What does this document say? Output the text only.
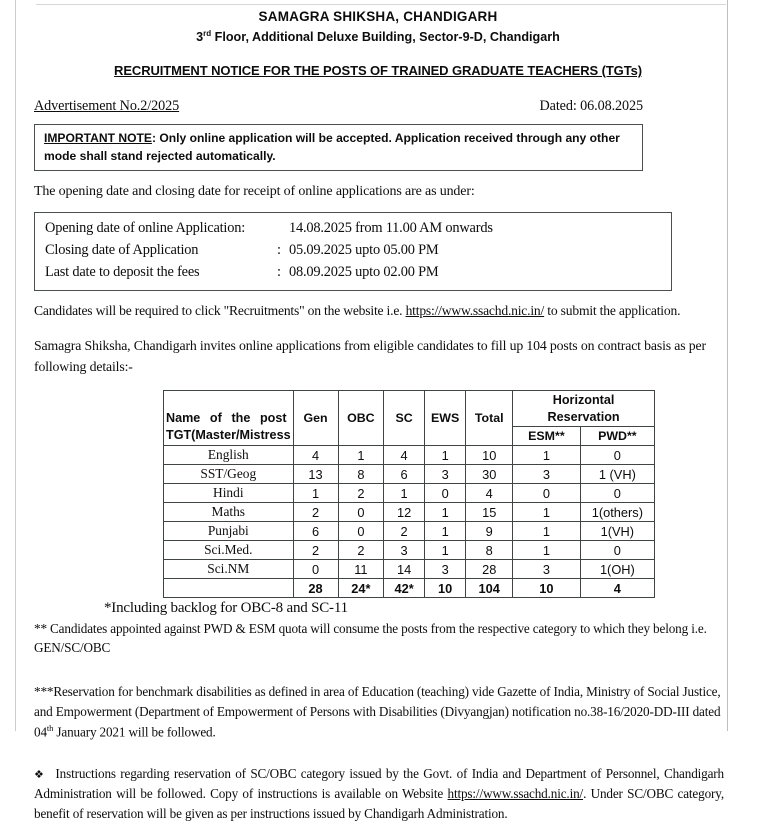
SAMAGRA SHIKSHA, CHANDIGARH
3rd Floor, Additional Deluxe Building, Sector-9-D, Chandigarh
RECRUITMENT NOTICE FOR THE POSTS OF TRAINED GRADUATE TEACHERS (TGTs)
Advertisement No.2/2025	Dated: 06.08.2025
IMPORTANT NOTE: Only online application will be accepted. Application received through any other mode shall stand rejected automatically.
The opening date and closing date for receipt of online applications are as under:
Opening date of online Application:	14.08.2025 from 11.00 AM onwards
Closing date of Application	: 05.09.2025 upto 05.00 PM
Last date to deposit the fees	: 08.09.2025 upto 02.00 PM
Candidates will be required to click "Recruitments" on the website i.e. https://www.ssachd.nic.in/ to submit the application.
Samagra Shiksha, Chandigarh invites online applications from eligible candidates to fill up 104 posts on contract basis as per following details:-
Name of the post
TGT(Master/Mistress	Gen	OBC	SC	EWS	Total	Horizontal Reservation	
						ESM**	PWD**
English	4	1	4	1	10	1	0
SST/Geog	13	8	6	3	30	3	1 (VH)
Hindi	1	2	1	0	4	0	0
Maths	2	0	12	1	15	1	1(others)
Punjabi	6	0	2	1	9	1	1(VH)
Sci.Med.	2	2	3	1	8	1	0
Sci.NM	0	11	14	3	28	3	1(OH)
	28	24*	42*	10	104	10	4
*Including backlog for OBC-8 and SC-11
** Candidates appointed against PWD & ESM quota will consume the posts from the respective category to which they belong i.e. GEN/SC/OBC
***Reservation for benchmark disabilities as defined in area of Education (teaching) vide Gazette of India, Ministry of Social Justice, and Empowerment (Department of Empowerment of Persons with Disabilities (Divyangjan) notification no.38-16/2020-DD-III dated 04th January 2021 will be followed.
❖ Instructions regarding reservation of SC/OBC category issued by the Govt. of India and Department of Personnel, Chandigarh Administration will be followed. Copy of instructions is available on Website https://www.ssachd.nic.in/. Under SC/OBC category, benefit of reservation will be given as per instructions issued by Chandigarh Administration.
